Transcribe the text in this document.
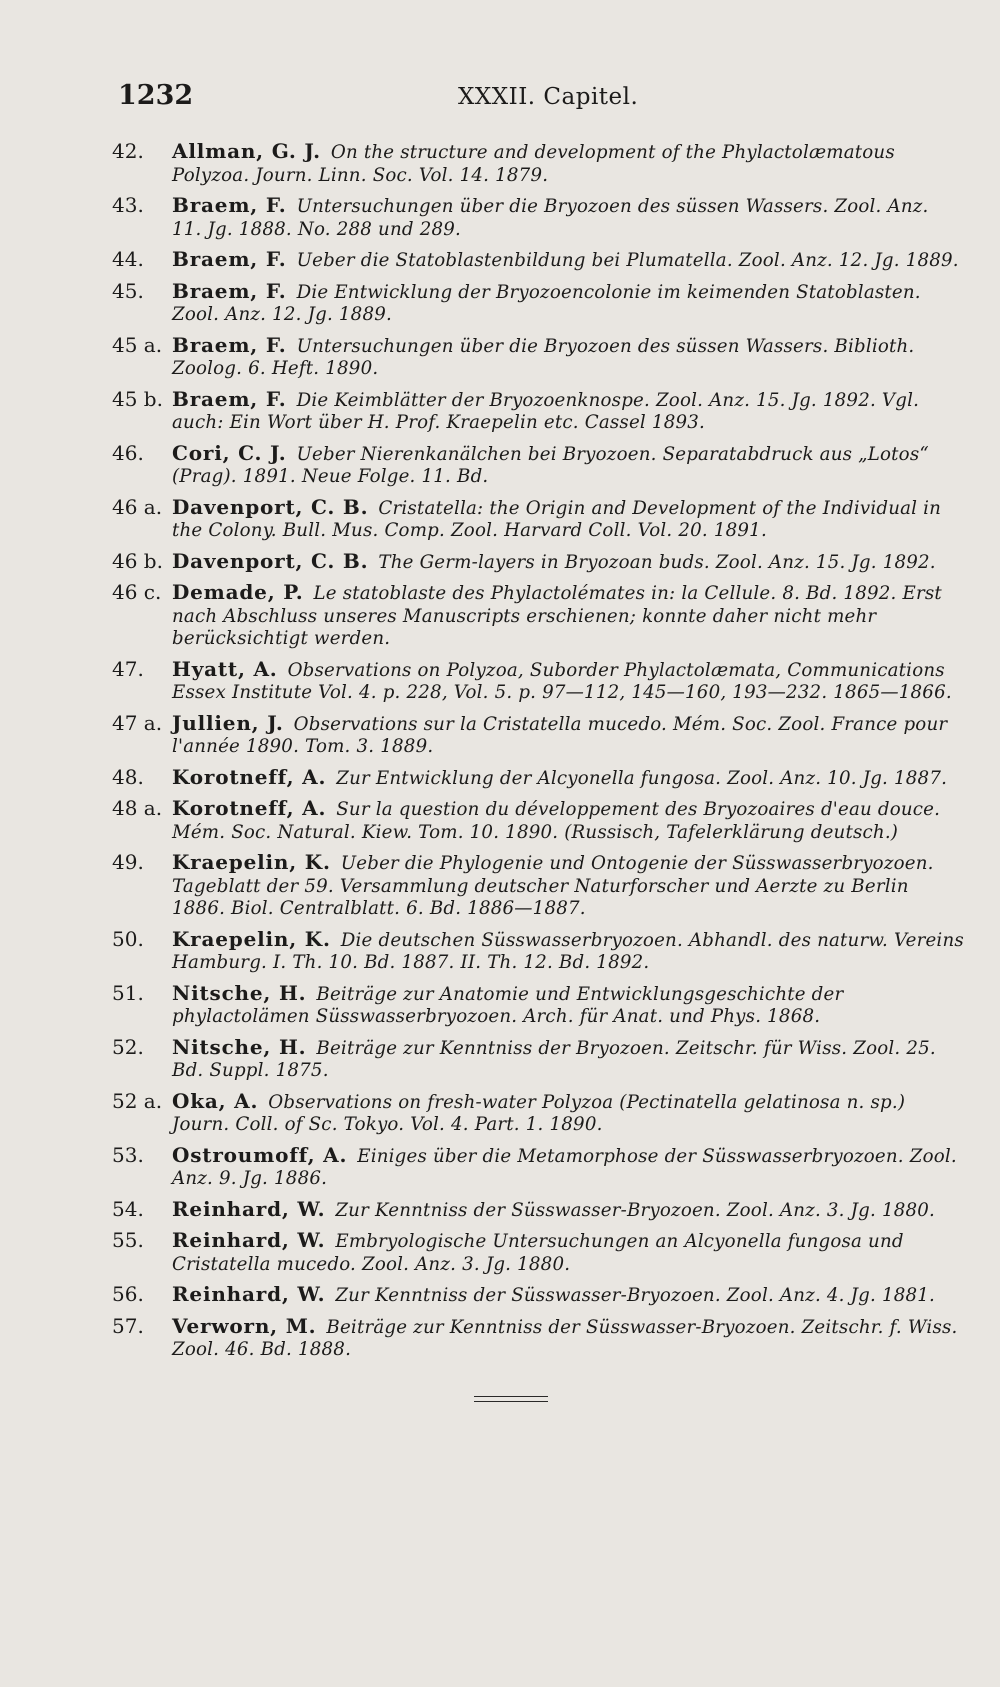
1232	XXXII. Capitel.
42. Allman, G. J. On the structure and development of the Phylactolæmatous Polyzoa. Journ. Linn. Soc. Vol. 14. 1879.
43. Braem, F. Untersuchungen über die Bryozoen des süssen Wassers. Zool. Anz. 11. Jg. 1888. No. 288 und 289.
44. Braem, F. Ueber die Statoblastenbildung bei Plumatella. Zool. Anz. 12. Jg. 1889.
45. Braem, F. Die Entwicklung der Bryozoencolonie im keimenden Statoblasten. Zool. Anz. 12. Jg. 1889.
45 a. Braem, F. Untersuchungen über die Bryozoen des süssen Wassers. Biblioth. Zoolog. 6. Heft. 1890.
45 b. Braem, F. Die Keimblätter der Bryozoenknospe. Zool. Anz. 15. Jg. 1892. Vgl. auch: Ein Wort über H. Prof. Kraepelin etc. Cassel 1893.
46. Cori, C. J. Ueber Nierenkanälchen bei Bryozoen. Separatabdruck aus „Lotos“ (Prag). 1891. Neue Folge. 11. Bd.
46 a. Davenport, C. B. Cristatella: the Origin and Development of the Individual in the Colony. Bull. Mus. Comp. Zool. Harvard Coll. Vol. 20. 1891.
46 b. Davenport, C. B. The Germ-layers in Bryozoan buds. Zool. Anz. 15. Jg. 1892.
46 c. Demade, P. Le statoblaste des Phylactolémates in: la Cellule. 8. Bd. 1892. Erst nach Abschluss unseres Manuscripts erschienen; konnte daher nicht mehr berücksichtigt werden.
47. Hyatt, A. Observations on Polyzoa, Suborder Phylactolæmata, Communications Essex Institute Vol. 4. p. 228, Vol. 5. p. 97—112, 145—160, 193—232. 1865—1866.
47 a. Jullien, J. Observations sur la Cristatella mucedo. Mém. Soc. Zool. France pour l'année 1890. Tom. 3. 1889.
48. Korotneff, A. Zur Entwicklung der Alcyonella fungosa. Zool. Anz. 10. Jg. 1887.
48 a. Korotneff, A. Sur la question du développement des Bryozoaires d'eau douce. Mém. Soc. Natural. Kiew. Tom. 10. 1890. (Russisch, Tafelerklärung deutsch.)
49. Kraepelin, K. Ueber die Phylogenie und Ontogenie der Süsswasserbryozoen. Tageblatt der 59. Versammlung deutscher Naturforscher und Aerzte zu Berlin 1886. Biol. Centralblatt. 6. Bd. 1886—1887.
50. Kraepelin, K. Die deutschen Süsswasserbryozoen. Abhandl. des naturw. Vereins Hamburg. I. Th. 10. Bd. 1887. II. Th. 12. Bd. 1892.
51. Nitsche, H. Beiträge zur Anatomie und Entwicklungsgeschichte der phylactolämen Süsswasserbryozoen. Arch. für Anat. und Phys. 1868.
52. Nitsche, H. Beiträge zur Kenntniss der Bryozoen. Zeitschr. für Wiss. Zool. 25. Bd. Suppl. 1875.
52 a. Oka, A. Observations on fresh-water Polyzoa (Pectinatella gelatinosa n. sp.) Journ. Coll. of Sc. Tokyo. Vol. 4. Part. 1. 1890.
53. Ostroumoff, A. Einiges über die Metamorphose der Süsswasserbryozoen. Zool. Anz. 9. Jg. 1886.
54. Reinhard, W. Zur Kenntniss der Süsswasser-Bryozoen. Zool. Anz. 3. Jg. 1880.
55. Reinhard, W. Embryologische Untersuchungen an Alcyonella fungosa und Cristatella mucedo. Zool. Anz. 3. Jg. 1880.
56. Reinhard, W. Zur Kenntniss der Süsswasser-Bryozoen. Zool. Anz. 4. Jg. 1881.
57. Verworn, M. Beiträge zur Kenntniss der Süsswasser-Bryozoen. Zeitschr. f. Wiss. Zool. 46. Bd. 1888.
